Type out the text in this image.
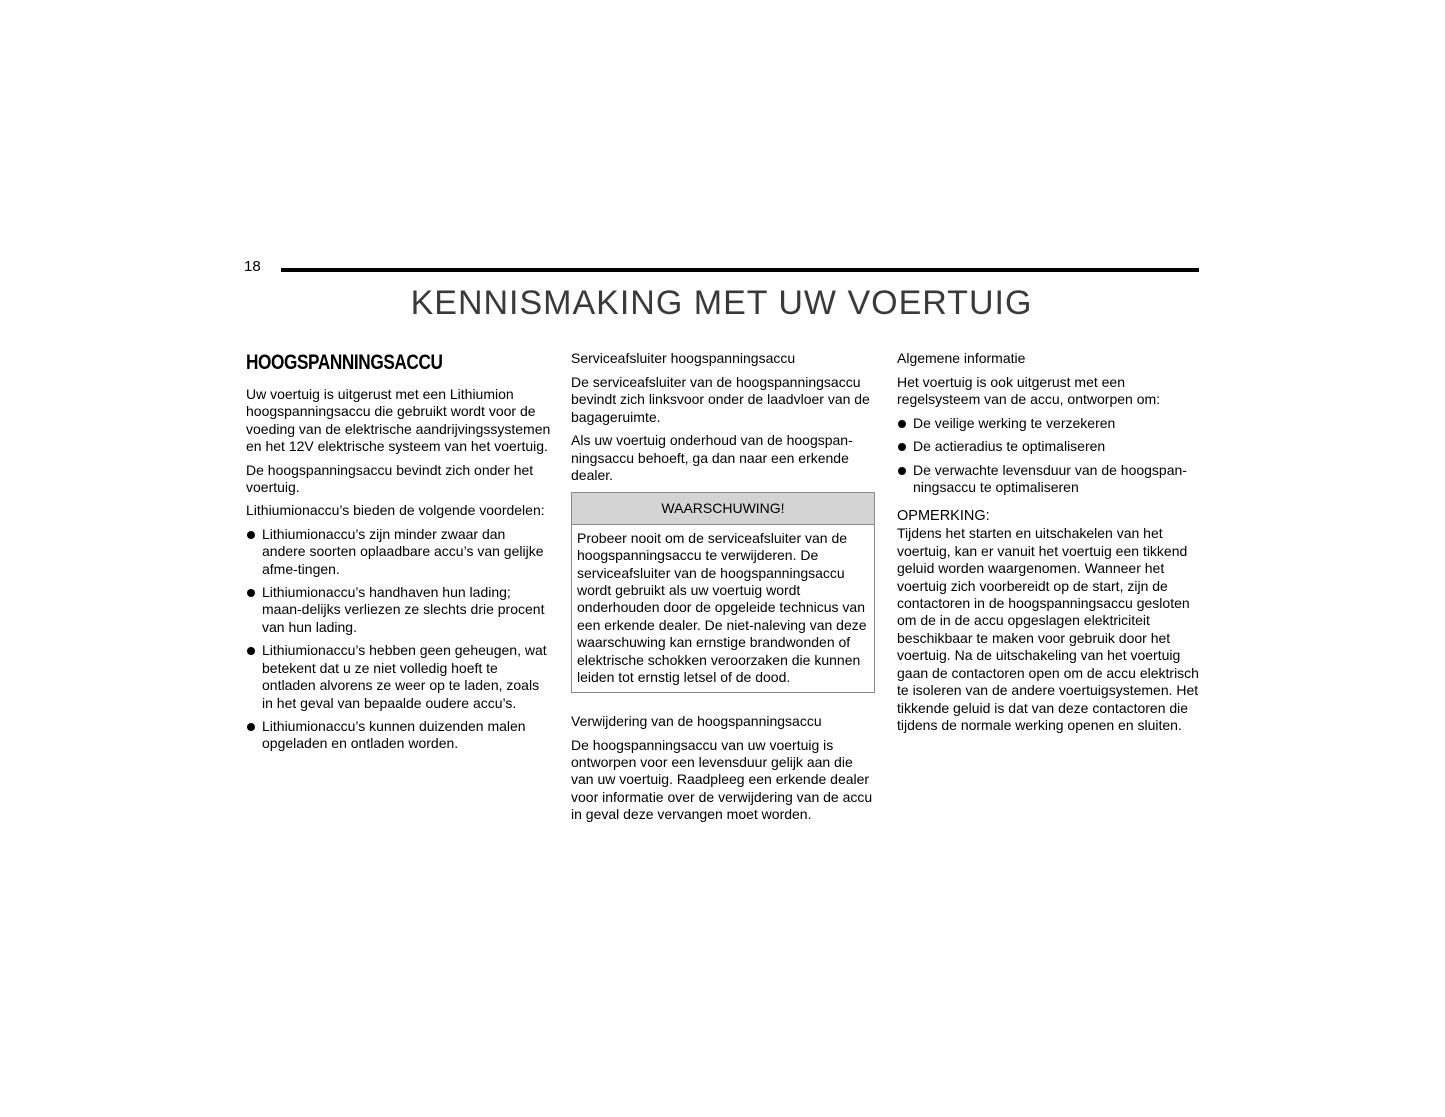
18
KENNISMAKING MET UW VOERTUIG
HOOGSPANNINGSACCU

Uw voertuig is uitgerust met een Lithiumion hoogspanningsaccu die gebruikt wordt voor de voeding van de elektrische aandrijvingssystemen en het 12V elektrische systeem van het voertuig.

De hoogspanningsaccu bevindt zich onder het voertuig.

Lithiumionaccu’s bieden de volgende voordelen:

Lithiumionaccu’s zijn minder zwaar dan andere soorten oplaadbare accu’s van gelijke afme-tingen.
Lithiumionaccu’s handhaven hun lading; maan-delijks verliezen ze slechts drie procent van hun lading.
Lithiumionaccu’s hebben geen geheugen, wat betekent dat u ze niet volledig hoeft te ontladen alvorens ze weer op te laden, zoals in het geval van bepaalde oudere accu’s.
Lithiumionaccu’s kunnen duizenden malen opgeladen en ontladen worden.
Serviceafsluiter hoogspanningsaccu

De serviceafsluiter van de hoogspanningsaccu bevindt zich linksvoor onder de laadvloer van de bagageruimte.

Als uw voertuig onderhoud van de hoogspan-ningsaccu behoeft, ga dan naar een erkende dealer.

WAARSCHUWING!
Probeer nooit om de serviceafsluiter van de hoogspanningsaccu te verwijderen. De serviceafsluiter van de hoogspanningsaccu wordt gebruikt als uw voertuig wordt onderhouden door de opgeleide technicus van een erkende dealer. De niet-naleving van deze waarschuwing kan ernstige brandwonden of elektrische schokken veroorzaken die kunnen leiden tot ernstig letsel of de dood.
Verwijdering van de hoogspanningsaccu

De hoogspanningsaccu van uw voertuig is ontworpen voor een levensduur gelijk aan die van uw voertuig. Raadpleeg een erkende dealer voor informatie over de verwijdering van de accu in geval deze vervangen moet worden.

Algemene informatie

Het voertuig is ook uitgerust met een regelsysteem van de accu, ontworpen om:

De veilige werking te verzekeren
De actieradius te optimaliseren
De verwachte levensduur van de hoogspan-ningsaccu te optimaliseren
OPMERKING:

Tijdens het starten en uitschakelen van het voertuig, kan er vanuit het voertuig een tikkend geluid worden waargenomen. Wanneer het voertuig zich voorbereidt op de start, zijn de contactoren in de hoogspanningsaccu gesloten om de in de accu opgeslagen elektriciteit beschikbaar te maken voor gebruik door het voertuig. Na de uitschakeling van het voertuig gaan de contactoren open om de accu elektrisch te isoleren van de andere voertuigsystemen. Het tikkende geluid is dat van deze contactoren die tijdens de normale werking openen en sluiten.
